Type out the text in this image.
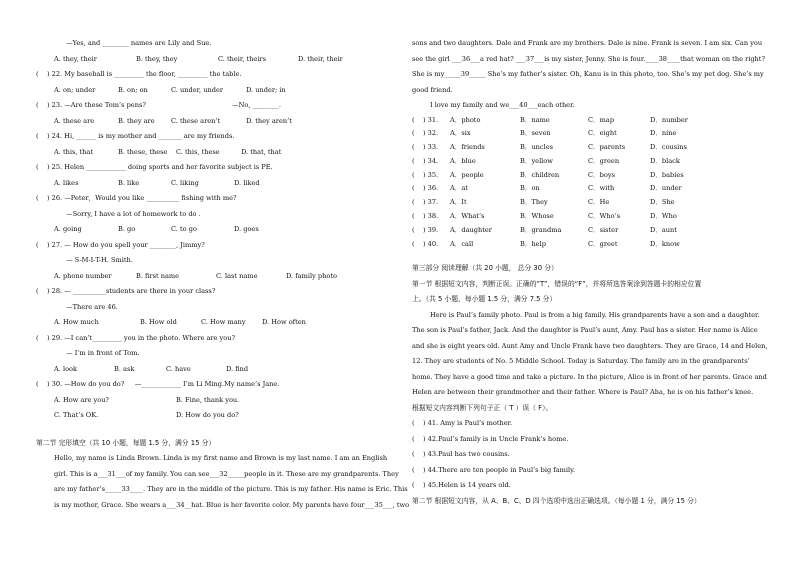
—Yes, and ________ names are Lily and Sue.
A. they, their	B. they, they	C. their, theirs	D. their, their
(    ) 22. My baseball is _________ the floor, _________ the table.
A. on; under	B. on; on	C. under, under	D. under; in
(    ) 23. —Are these Tom’s pens?	—No, ________.
A. these are	B. they are C. these aren’t	D. they aren’t
(    ) 24. Hi, ______ is my mother and _______ are my friends.
A. this, that	B. these, these C. this, these	D. that, that
(    ) 25. Helen ____________ doing sports and her favorite subject is PE.
A. likes	B. like	C. liking	D. liked
(    ) 26. —Peter，Would you like __________ fishing with me?
—Sorry, I have a lot of homework to do .
A. going	B. go	C. to go	D. goes
(    ) 27. — How do you spell your ________, Jimmy?
— S-M-I-T-H. Smith.
A. phone number	B. first name	C. last name	D. family photo
(    ) 28. — __________students are there in your class?
—There are 46.
A. How much	B. How old	C. How many D. How often
(    ) 29. —I can’t_________ you in the photo. Where are you?
— I’m in front of Tom.
A. look	B. ask	C. have	D. find
(    ) 30. —How do you do?     —____________ I’m Li Ming.My name’s Jane.
A. How are you?	B. Fine, thank you.
C. That’s OK.	D. How do you do?
第二节 完形填空（共 10 小题，每题 1.5 分，满分 15 分）
Hello, my name is Linda Brown. Linda is my first name and Brown is my last name. I am an English
girl. This is a___31___of my family. You can see___32_____people in it. These are my grandparents. They
are my father’s_____33____. They are in the middle of the picture. This is my father. His name is Eric. This
is my mother, Grace. She wears a___34__hat. Blue is her favorite color. My parents have four___35___, two
sons and two daughters. Dale and Frank are my brothers. Dale is nine. Frank is seven. I am six. Can you
see the girl ___36___a red hat? ___37___is my sister, Jenny. She is four.____38____that woman on the right?
She is my_____39_____ She’s my father’s sister. Oh, Kanu is in this photo, too. She’s my pet dog. She’s my
good friend.
I love my family and we___40___each other.
(    ) 31. A．photo	B．name	C．map	D．number
(    ) 32. A．six	B．seven	C．eight	D．nine
(    ) 33. A．friends	B．uncles	C．parents	D．cousins
(    ) 34. A．blue	B．yellow	C．green	D．black
(    ) 35. A．people	B．children	C．boys	D．babies
(    ) 36. A．at	B．on	C．with	D．under
(    ) 37. A．It	B．They	C．He	D．She
(    ) 38. A．What’s	B．Whose	C．Who’s	D．Who
(    ) 39. A．daughter	B．grandma	C．sister	D．aunt
(    ) 40. A．call	B．help	C．greet	D．know
第三部分 阅读理解（共 20 小题， 总分 30 分）
第一节 根据短文内容，判断正误。正确的“T”，错误的“F”，并将所选答案涂到答题卡的相应位置
上。（共 5 小题，每小题 1.5 分，满分 7.5 分）
Here is Paul’s family photo. Paul is from a big family. His grandparents have a son and a daughter.
The son is Paul’s father, Jack. And the daughter is Paul’s aunt, Amy. Paul has a sister. Her name is Alice
and she is eight years old. Aunt Amy and Uncle Frank have two daughters. They are Grace, 14 and Helen,
12. They are students of No. 5 Middle School. Today is Saturday. The family are in the grandparents’
home. They have a good time and take a picture. In the picture, Alice is in front of her parents. Grace and
Helen are between their grandmother and their father. Where is Paul? Aha, he is on his father’s knee.
根据短文内容判断下列句子正（ T ）误（ F）。
(    ) 41. Amy is Paul’s mother.
(    ) 42.Paul’s family is in Uncle Frank’s home.
(    ) 43.Paul has two cousins.
(    ) 44.There are ten people in Paul’s big family.
(    ) 45.Helen is 14 years old.
第二节 根据短文内容，从 A、B、C、D 四个选项中选出正确选项。（每小题 1 分，满分 15 分）
